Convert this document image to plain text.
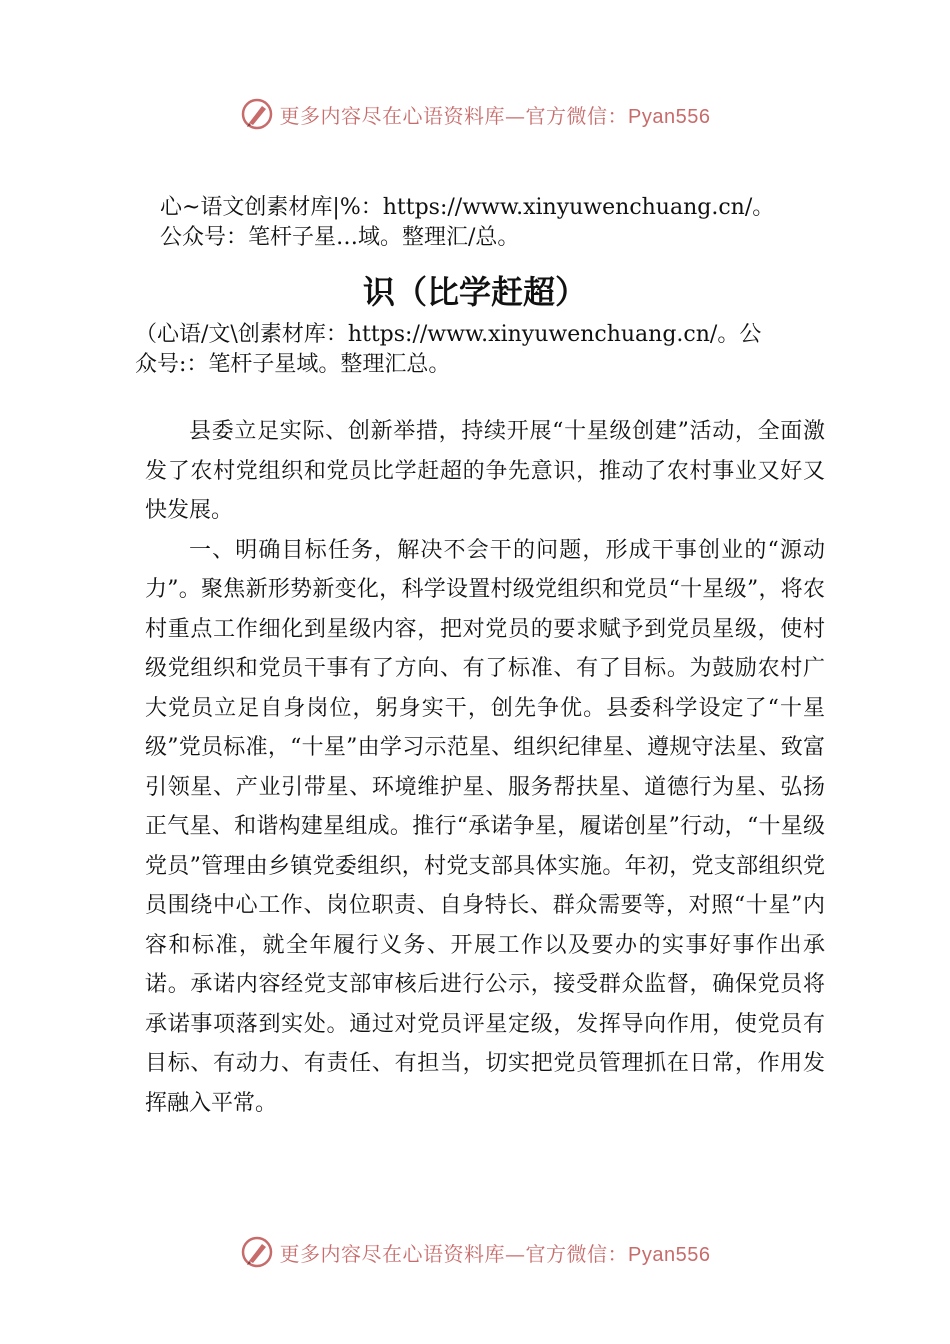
更多内容尽在心语资料库—官方微信：Pyan556
心~语文创素材库|%：https://www.xinyuwenchuang.cn/。
公众号：笔杆子星…域。整理汇/总。
识（比学赶超）
（心语/文\创素材库：https://www.xinyuwenchuang.cn/。公
众号:：笔杆子星域。整理汇总。

县委立足实际、创新举措，持续开展“十星级创建”活动，全面激发了农村党组织和党员比学赶超的争先意识，推动了农村事业又好又快发展。

一、明确目标任务，解决不会干的问题，形成干事创业的“源动力”。聚焦新形势新变化，科学设置村级党组织和党员“十星级”，将农村重点工作细化到星级内容，把对党员的要求赋予到党员星级，使村级党组织和党员干事有了方向、有了标准、有了目标。为鼓励农村广大党员立足自身岗位，躬身实干，创先争优。县委科学设定了“十星级”党员标准，“十星”由学习示范星、组织纪律星、遵规守法星、致富引领星、产业引带星、环境维护星、服务帮扶星、道德行为星、弘扬正气星、和谐构建星组成。推行“承诺争星，履诺创星”行动，“十星级党员”管理由乡镇党委组织，村党支部具体实施。年初，党支部组织党员围绕中心工作、岗位职责、自身特长、群众需要等，对照“十星”内容和标准，就全年履行义务、开展工作以及要办的实事好事作出承诺。承诺内容经党支部审核后进行公示，接受群众监督，确保党员将承诺事项落到实处。通过对党员评星定级，发挥导向作用，使党员有目标、有动力、有责任、有担当，切实把党员管理抓在日常，作用发挥融入平常。

更多内容尽在心语资料库—官方微信：Pyan556
